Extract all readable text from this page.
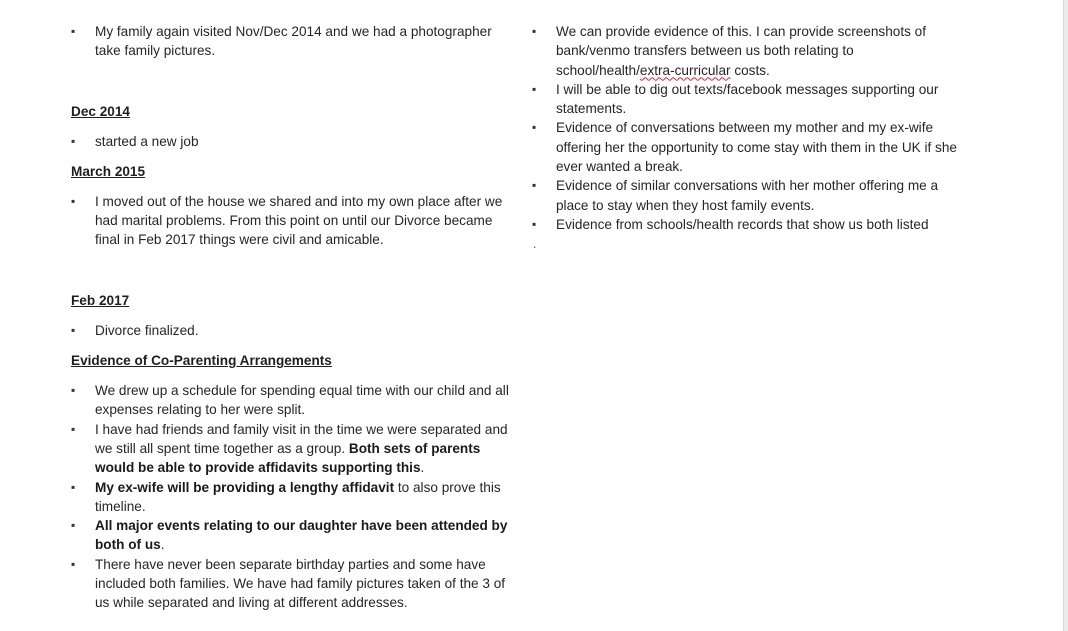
▪ My family again visited Nov/Dec 2014 and we had a photographer take family pictures.
Dec 2014
▪ started a new job
March 2015
▪ I moved out of the house we shared and into my own place after we had marital problems. From this point on until our Divorce became final in Feb 2017 things were civil and amicable.
Feb 2017
▪ Divorce finalized.
Evidence of Co-Parenting Arrangements
▪ We drew up a schedule for spending equal time with our child and all expenses relating to her were split.
▪ I have had friends and family visit in the time we were separated and we still all spent time together as a group. Both sets of parents would be able to provide affidavits supporting this.
▪ My ex-wife will be providing a lengthy affidavit to also prove this timeline.
▪ All major events relating to our daughter have been attended by both of us.
▪ There have never been separate birthday parties and some have included both families. We have had family pictures taken of the 3 of us while separated and living at different addresses.
▪ We can provide evidence of this. I can provide screenshots of bank/venmo transfers between us both relating to school/health/extra-curricular costs.
▪ I will be able to dig out texts/facebook messages supporting our statements.
▪ Evidence of conversations between my mother and my ex-wife offering her the opportunity to come stay with them in the UK if she ever wanted a break.
▪ Evidence of similar conversations with her mother offering me a place to stay when they host family events.
▪ Evidence from schools/health records that show us both listed
.
